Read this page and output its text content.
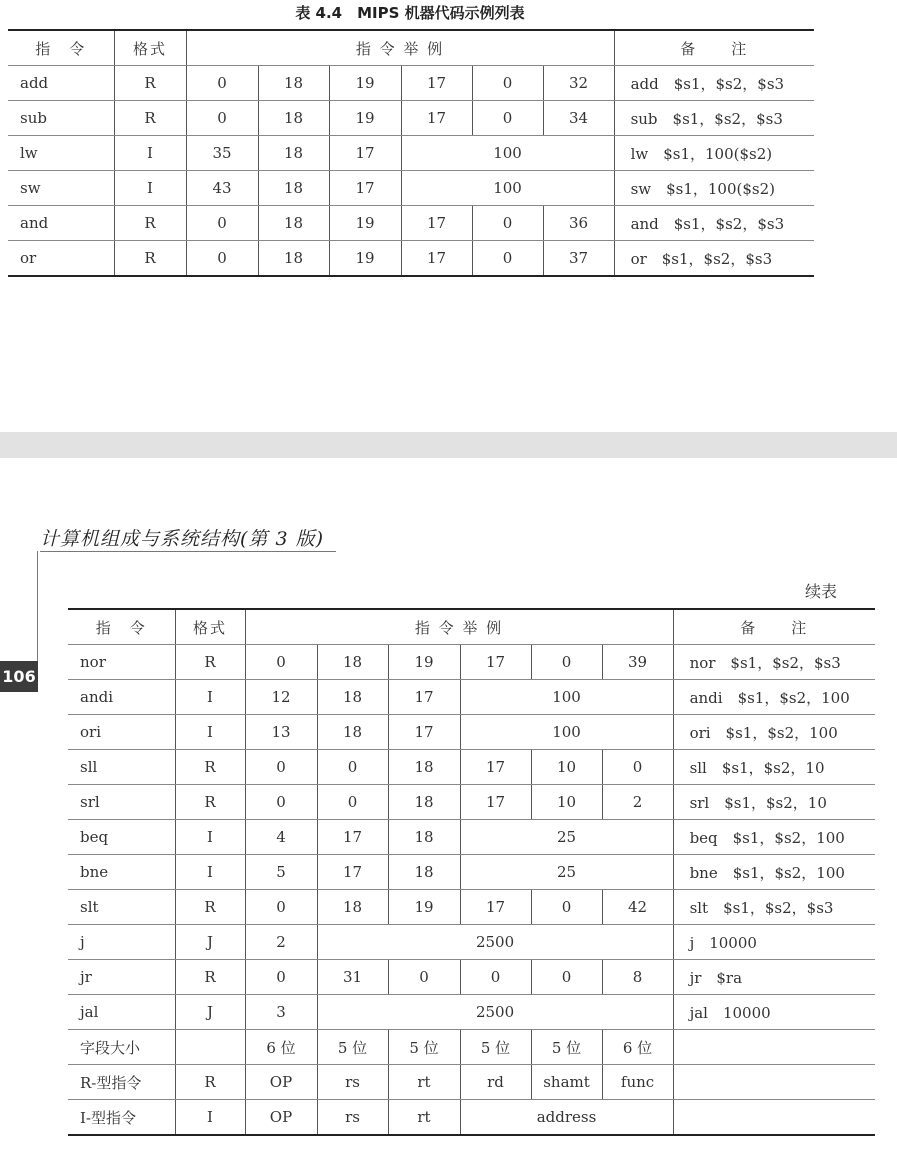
表 4.4　MIPS 机器代码示例列表
指　令	格式	指 令 举 例						备　　注
add	R	0	18	19	17	0	32	add　$s1，$s2，$s3
sub	R	0	18	19	17	0	34	sub　$s1，$s2，$s3
lw	I	35	18	17	100			lw　$s1，100($s2)
sw	I	43	18	17	100			sw　$s1，100($s2)
and	R	0	18	19	17	0	36	and　$s1，$s2，$s3
or	R	0	18	19	17	0	37	or　$s1，$s2，$s3
计算机组成与系统结构(第 3 版)
106
续表
指　令	格式	指 令 举 例						备　　注
nor	R	0	18	19	17	0	39	nor　$s1，$s2，$s3
andi	I	12	18	17	100			andi　$s1，$s2，100
ori	I	13	18	17	100			ori　$s1，$s2，100
sll	R	0	0	18	17	10	0	sll　$s1，$s2，10
srl	R	0	0	18	17	10	2	srl　$s1，$s2，10
beq	I	4	17	18	25			beq　$s1，$s2，100
bne	I	5	17	18	25			bne　$s1，$s2，100
slt	R	0	18	19	17	0	42	slt　$s1，$s2，$s3
j	J	2	2500					j　10000
jr	R	0	31	0	0	0	8	jr　$ra
jal	J	3	2500					jal　10000
字段大小		6 位	5 位	5 位	5 位	5 位	6 位	
R-型指令	R	OP	rs	rt	rd	shamt	func	
I-型指令	I	OP	rs	rt	address			
